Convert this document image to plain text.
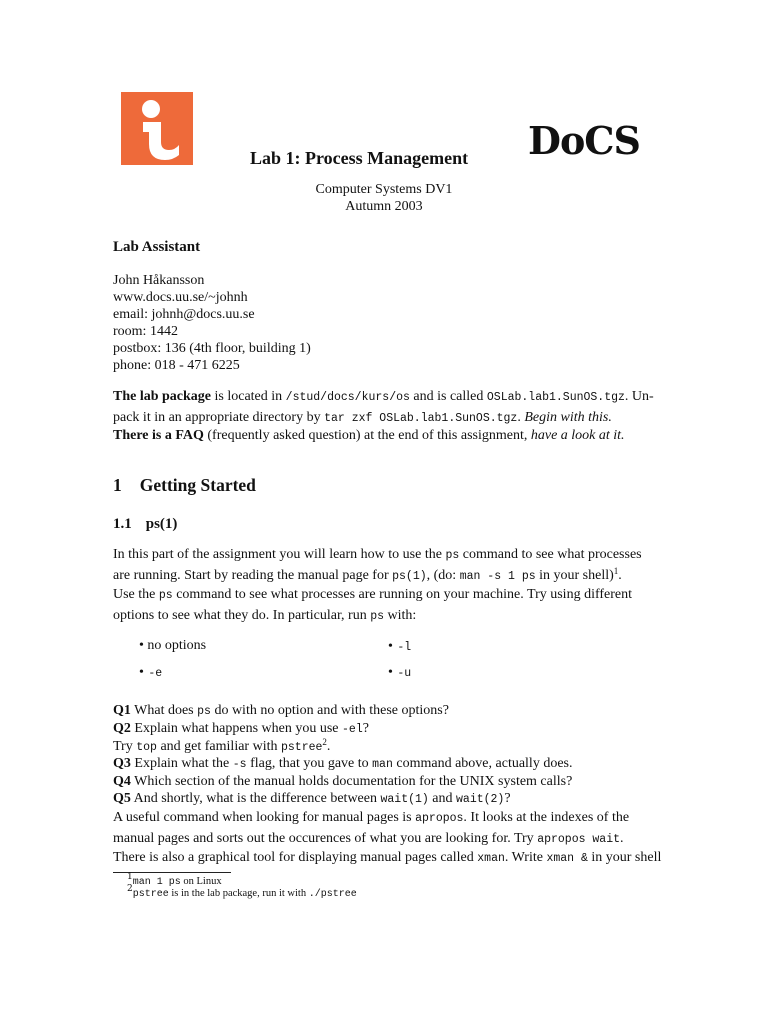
DoCS
Lab 1: Process Management
Computer Systems DV1
Autumn 2003
Lab Assistant
John Håkansson
www.docs.uu.se/~johnh
email: johnh@docs.uu.se
room: 1442
postbox: 136 (4th floor, building 1)
phone: 018 - 471 6225
The lab package is located in /stud/docs/kurs/os and is called OSLab.lab1.SunOS.tgz. Un-
pack it in an appropriate directory by tar zxf OSLab.lab1.SunOS.tgz. Begin with this.
There is a FAQ (frequently asked question) at the end of this assignment, have a look at it.
1 Getting Started
1.1 ps(1)
In this part of the assignment you will learn how to use the ps command to see what processes
are running. Start by reading the manual page for ps(1), (do: man -s 1 ps in your shell)$^1$.
Use the ps command to see what processes are running on your machine. Try using different
options to see what they do. In particular, run ps with:
• no options	• -l
• -e	• -u
Q1 What does ps do with no option and with these options?
Q2 Explain what happens when you use -el?
Try top and get familiar with pstree$^2$.
Q3 Explain what the -s flag, that you gave to man command above, actually does.
Q4 Which section of the manual holds documentation for the UNIX system calls?
Q5 And shortly, what is the difference between wait(1) and wait(2)?
A useful command when looking for manual pages is apropos. It looks at the indexes of the
manual pages and sorts out the occurences of what you are looking for. Try apropos wait.
There is also a graphical tool for displaying manual pages called xman. Write xman & in your shell
$^1$man 1 ps on Linux
$^2$pstree is in the lab package, run it with ./pstree
